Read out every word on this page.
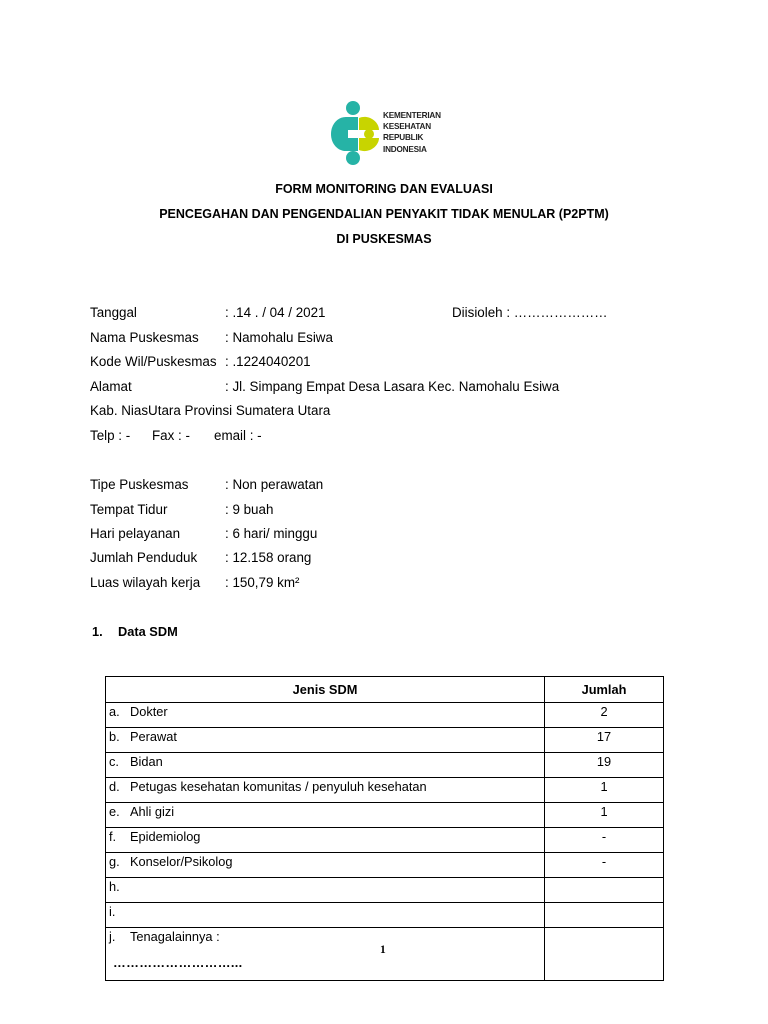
KEMENTERIAN
KESEHATAN
REPUBLIK
INDONESIA
FORM MONITORING DAN EVALUASI
PENCEGAHAN DAN PENGENDALIAN PENYAKIT TIDAK MENULAR (P2PTM)
DI PUSKESMAS
Tanggal	: .14 . / 04 / 2021	Diisioleh : …………………
Nama Puskesmas : Namohalu Esiwa
Kode Wil/Puskesmas : .1224040201
Alamat	: Jl. Simpang Empat Desa Lasara Kec. Namohalu Esiwa
Kab. NiasUtara Provinsi Sumatera Utara
Telp : - Fax : - email : -
Tipe Puskesmas	: Non perawatan
Tempat Tidur	: 9 buah
Hari pelayanan	: 6 hari/ minggu
Jumlah Penduduk : 12.158 orang
Luas wilayah kerja : 150,79 km²
1. Data SDM
Jenis SDM	Jumlah
a. Dokter	2
b. Perawat	17
c. Bidan	19
d. Petugas kesehatan komunitas / penyuluh kesehatan	1
e. Ahli gizi	1
f. Epidemiolog	-
g. Konselor/Psikolog	-
h.	
i.	
j. Tenagalainnya :
………………………...	

1
